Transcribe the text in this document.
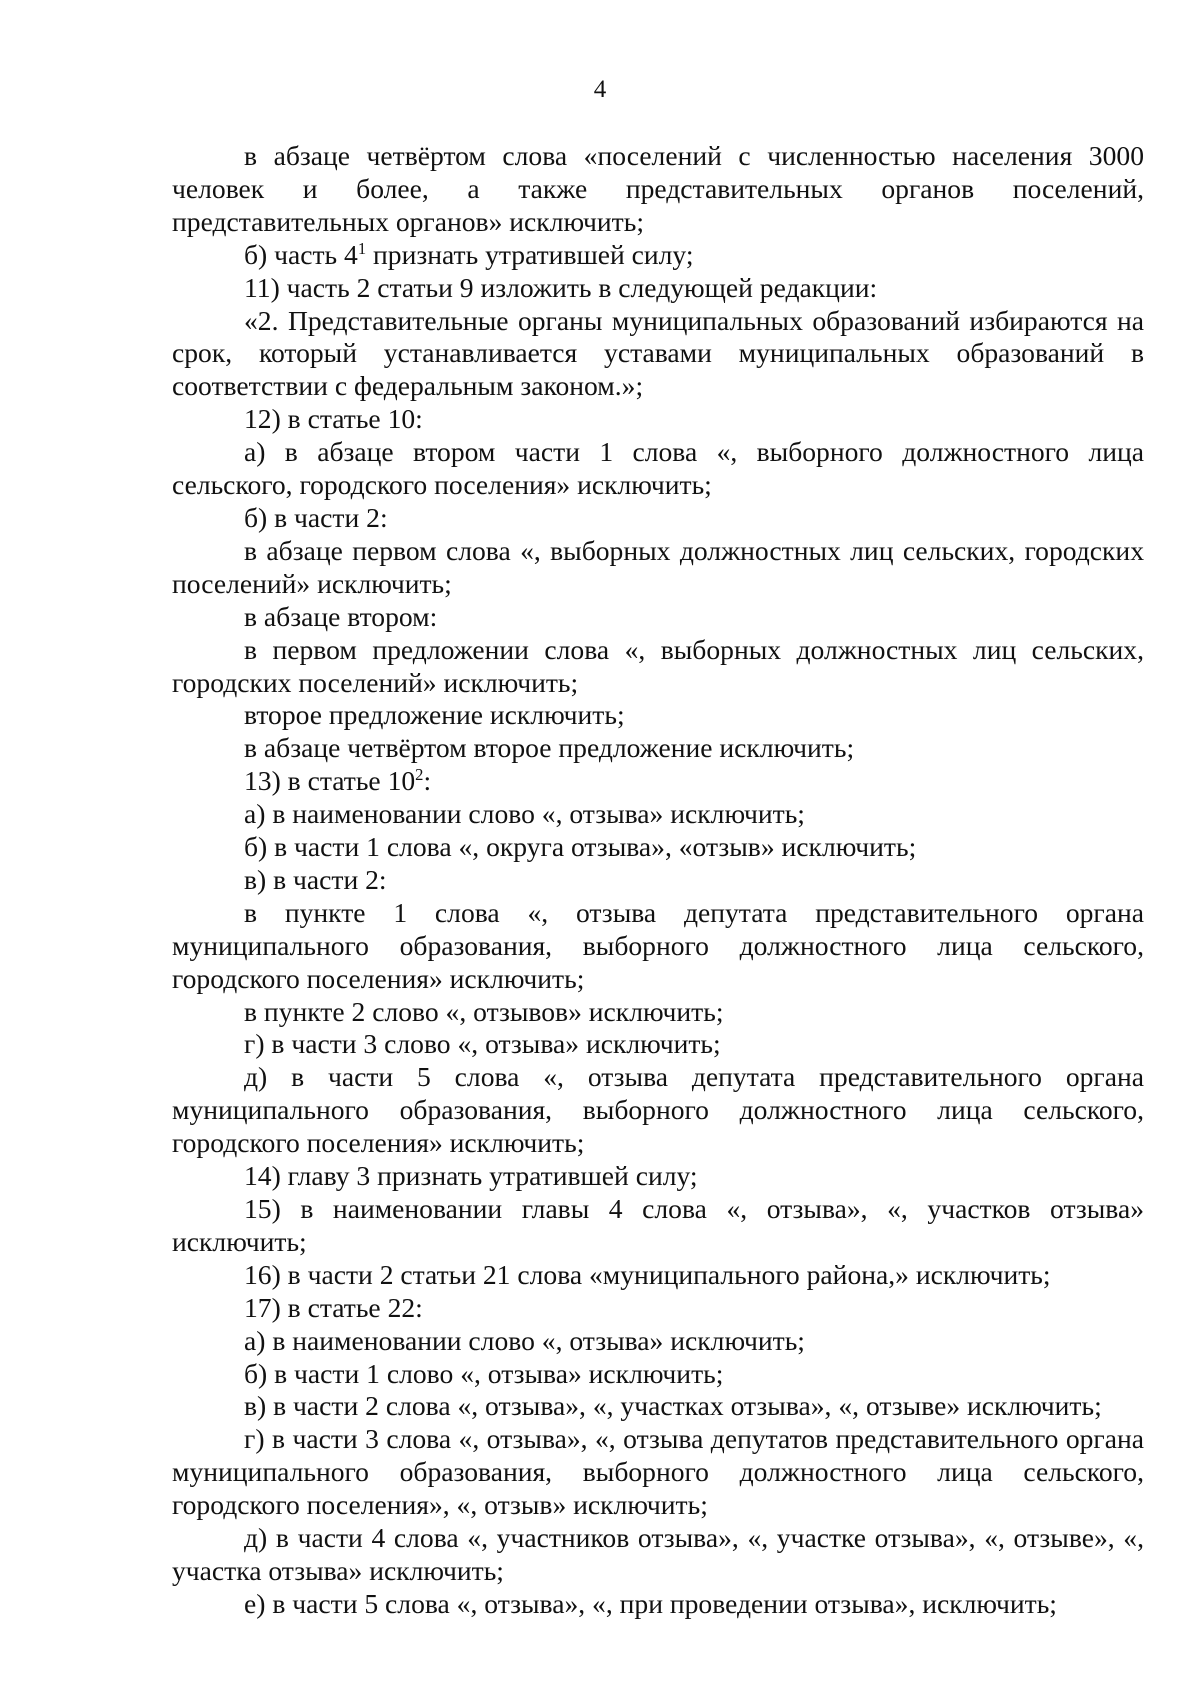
4

в абзаце четвёртом слова «поселений с численностью населения 3000 человек и более, а также представительных органов поселений, представительных органов» исключить;

б) часть $4^1$ признать утратившей силу;

11) часть 2 статьи 9 изложить в следующей редакции:

«2. Представительные органы муниципальных образований избираются на срок, который устанавливается уставами муниципальных образований в соответствии с федеральным законом.»;

12) в статье 10:

а) в абзаце втором части 1 слова «, выборного должностного лица сельского, городского поселения» исключить;

б) в части 2:

в абзаце первом слова «, выборных должностных лиц сельских, городских поселений» исключить;

в абзаце втором:

в первом предложении слова «, выборных должностных лиц сельских, городских поселений» исключить;

второе предложение исключить;

в абзаце четвёртом второе предложение исключить;

13) в статье $10^2$:

а) в наименовании слово «, отзыва» исключить;

б) в части 1 слова «, округа отзыва», «отзыв» исключить;

в) в части 2:

в пункте 1 слова «, отзыва депутата представительного органа муниципального образования, выборного должностного лица сельского, городского поселения» исключить;

в пункте 2 слово «, отзывов» исключить;

г) в части 3 слово «, отзыва» исключить;

д) в части 5 слова «, отзыва депутата представительного органа муниципального образования, выборного должностного лица сельского, городского поселения» исключить;

14) главу 3 признать утратившей силу;

15) в наименовании главы 4 слова «, отзыва», «, участков отзыва» исключить;

16) в части 2 статьи 21 слова «муниципального района,» исключить;

17) в статье 22:

а) в наименовании слово «, отзыва» исключить;

б) в части 1 слово «, отзыва» исключить;

в) в части 2 слова «, отзыва», «, участках отзыва», «, отзыве» исключить;

г) в части 3 слова «, отзыва», «, отзыва депутатов представительного органа муниципального образования, выборного должностного лица сельского, городского поселения», «, отзыв» исключить;

д) в части 4 слова «, участников отзыва», «, участке отзыва», «, отзыве», «, участка отзыва» исключить;

е) в части 5 слова «, отзыва», «, при проведении отзыва», исключить;
